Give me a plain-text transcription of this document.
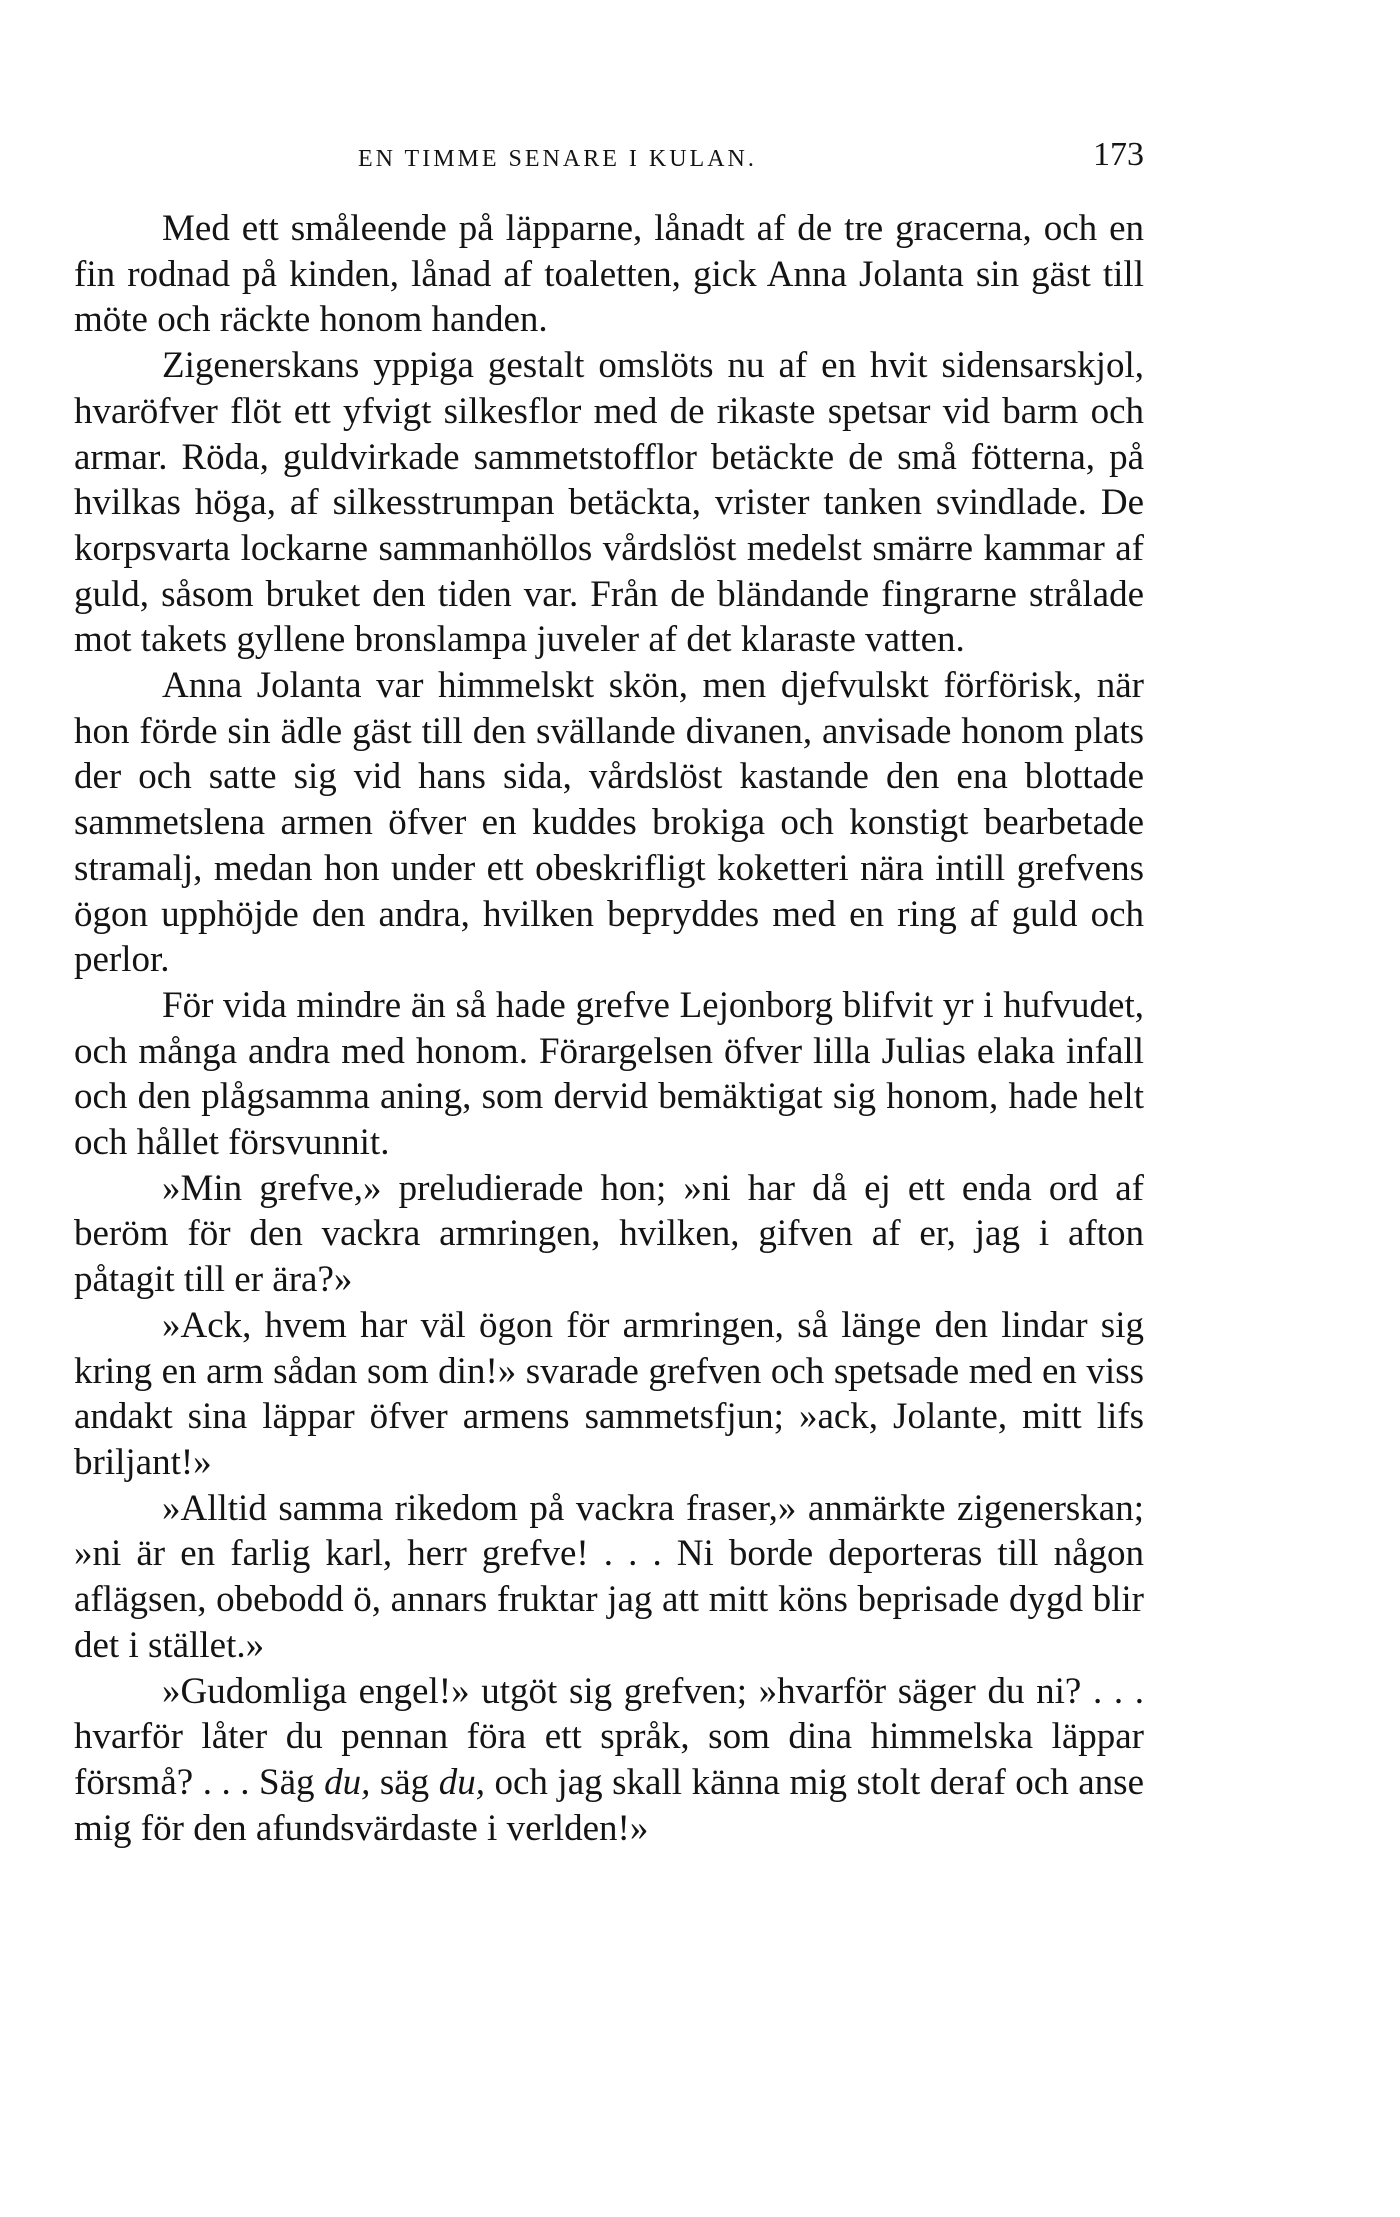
EN TIMME SENARE I KULAN.	173

Med ett småleende på läpparne, lånadt af de tre gracerna, och en fin rodnad på kinden, lånad af toaletten, gick Anna Jolanta sin gäst till möte och räckte honom handen.

Zigenerskans yppiga gestalt omslöts nu af en hvit sidensarskjol, hvaröfver flöt ett yfvigt silkesflor med de rikaste spetsar vid barm och armar. Röda, guldvirkade sammetstofflor betäckte de små fötterna, på hvilkas höga, af silkesstrumpan betäckta, vrister tanken svindlade. De korpsvarta lockarne sammanhöllos vårdslöst medelst smärre kammar af guld, såsom bruket den tiden var. Från de bländande fingrarne strålade mot takets gyllene bronslampa juveler af det klaraste vatten.

Anna Jolanta var himmelskt skön, men djefvulskt förförisk, när hon förde sin ädle gäst till den svällande divanen, anvisade honom plats der och satte sig vid hans sida, vårdslöst kastande den ena blottade sammetslena armen öfver en kuddes brokiga och konstigt bearbetade stramalj, medan hon under ett obeskrifligt koketteri nära intill grefvens ögon upphöjde den andra, hvilken bepryddes med en ring af guld och perlor.

För vida mindre än så hade grefve Lejonborg blifvit yr i hufvudet, och många andra med honom. Förargelsen öfver lilla Julias elaka infall och den plågsamma aning, som dervid bemäktigat sig honom, hade helt och hållet försvunnit.

»Min grefve,» preludierade hon; »ni har då ej ett enda ord af beröm för den vackra armringen, hvilken, gifven af er, jag i afton påtagit till er ära?»

»Ack, hvem har väl ögon för armringen, så länge den lindar sig kring en arm sådan som din!» svarade grefven och spetsade med en viss andakt sina läppar öfver armens sammetsfjun; »ack, Jolante, mitt lifs briljant!»

»Alltid samma rikedom på vackra fraser,» anmärkte zigenerskan; »ni är en farlig karl, herr grefve! . . . Ni borde deporteras till någon aflägsen, obebodd ö, annars fruktar jag att mitt köns beprisade dygd blir det i stället.»

»Gudomliga engel!» utgöt sig grefven; »hvarför säger du ni? . . . hvarför låter du pennan föra ett språk, som dina himmelska läppar försmå? . . . Säg du, säg du, och jag skall känna mig stolt deraf och anse mig för den afundsvärdaste i verlden!»
